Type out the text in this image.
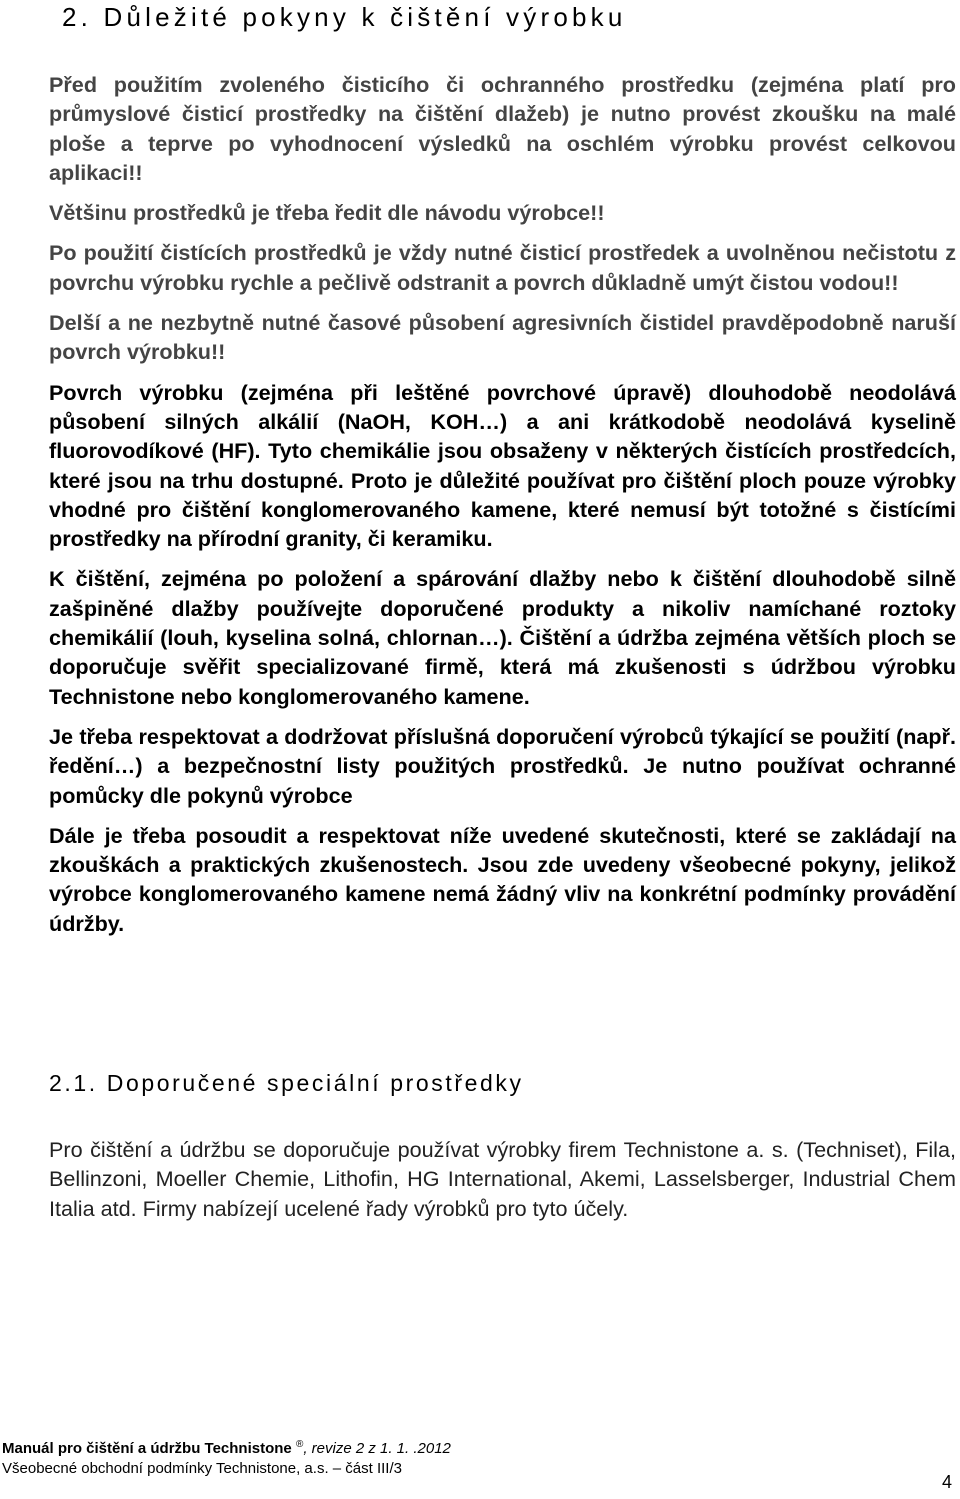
2. Důležité pokyny k čištění výrobku

Před použitím zvoleného čisticího či ochranného prostředku (zejména platí pro průmyslové čisticí prostředky na čištění dlažeb) je nutno provést zkoušku na malé ploše a teprve po vyhodnocení výsledků na oschlém výrobku provést celkovou aplikaci!!

Většinu prostředků je třeba ředit dle návodu výrobce!!

Po použití čistících prostředků je vždy nutné čisticí prostředek a uvolněnou nečistotu z povrchu výrobku rychle a pečlivě odstranit a povrch důkladně umýt čistou vodou!!

Delší a ne nezbytně nutné časové působení agresivních čistidel pravděpodobně naruší povrch výrobku!!

Povrch výrobku (zejména při leštěné povrchové úpravě) dlouhodobě neodolává působení silných alkálií (NaOH, KOH…) a ani krátkodobě neodolává kyselině fluorovodíkové (HF). Tyto chemikálie jsou obsaženy v některých čistících prostředcích, které jsou na trhu dostupné. Proto je důležité používat pro čištění ploch pouze výrobky vhodné pro čištění konglomerovaného kamene, které nemusí být totožné s čistícími prostředky na přírodní granity, či keramiku.

K čištění, zejména po položení a spárování dlažby nebo k čištění dlouhodobě silně zašpiněné dlažby používejte doporučené produkty a nikoliv namíchané roztoky chemikálií (louh, kyselina solná, chlornan…). Čištění a údržba zejména větších ploch se doporučuje svěřit specializované firmě, která má zkušenosti s údržbou výrobku Technistone nebo konglomerovaného kamene.

Je třeba respektovat a dodržovat příslušná doporučení výrobců týkající se použití (např. ředění…) a bezpečnostní listy použitých prostředků. Je nutno používat ochranné pomůcky dle pokynů výrobce

Dále je třeba posoudit a respektovat níže uvedené skutečnosti, které se zakládají na zkouškách a praktických zkušenostech. Jsou zde uvedeny všeobecné pokyny, jelikož výrobce konglomerovaného kamene nemá žádný vliv na konkrétní podmínky provádění údržby.

2.1. Doporučené speciální prostředky

Pro čištění a údržbu se doporučuje používat výrobky firem Technistone a. s. (Techniset), Fila, Bellinzoni, Moeller Chemie, Lithofin, HG International, Akemi, Lasselsberger, Industrial Chem Italia atd. Firmy nabízejí ucelené řady výrobků pro tyto účely.

Manuál pro čištění a údržbu Technistone ®, revize 2 z 1. 1. .2012
Všeobecné obchodní podmínky Technistone, a.s. – část III/3
4
